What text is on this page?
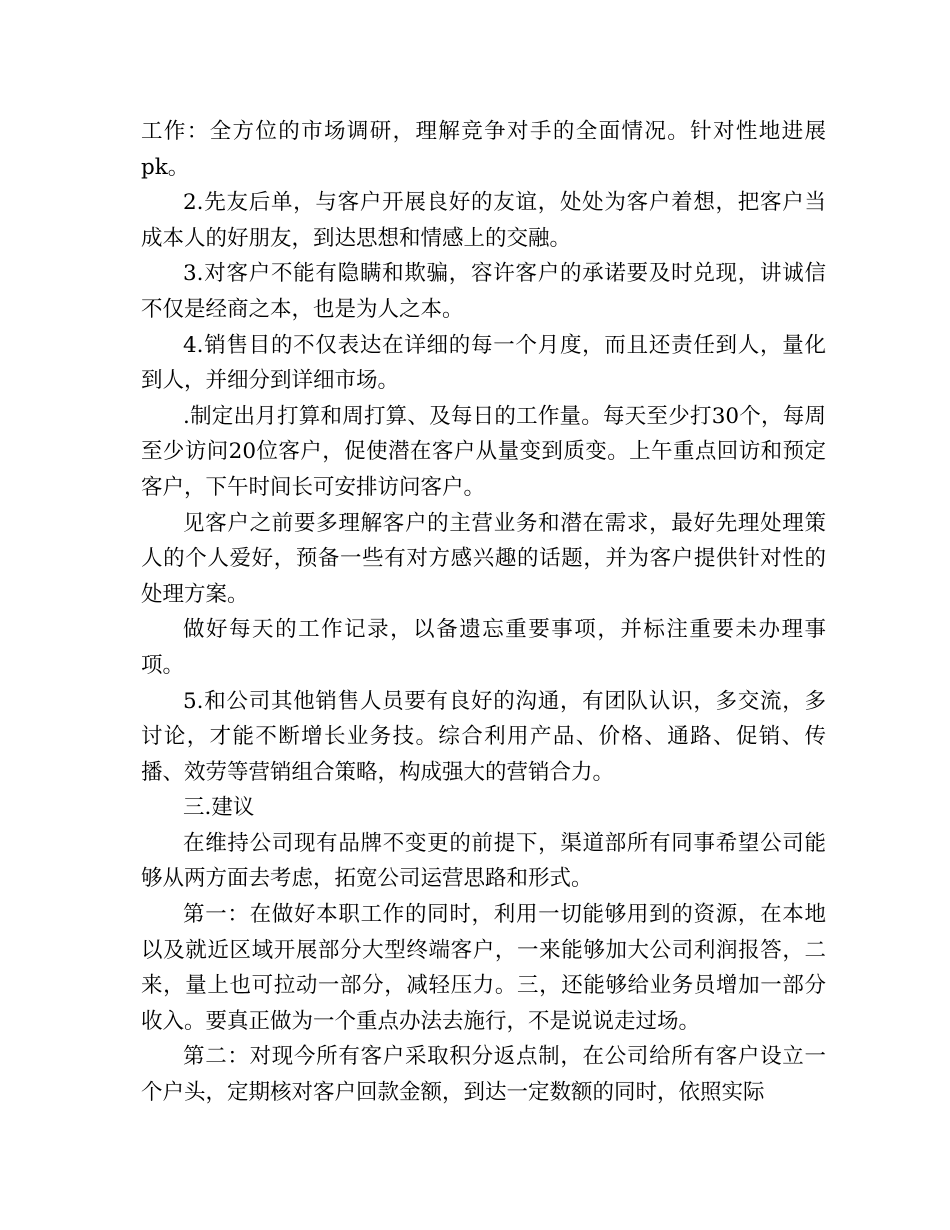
工作：全方位的市场调研，理解竞争对手的全面情况。针对性地进展pk。

2.先友后单，与客户开展良好的友谊，处处为客户着想，把客户当成本人的好朋友，到达思想和情感上的交融。

3.对客户不能有隐瞒和欺骗，容许客户的承诺要及时兑现，讲诚信不仅是经商之本，也是为人之本。

4.销售目的不仅表达在详细的每一个月度，而且还责任到人，量化到人，并细分到详细市场。

.制定出月打算和周打算、及每日的工作量。每天至少打30个，每周至少访问20位客户，促使潜在客户从量变到质变。上午重点回访和预定客户，下午时间长可安排访问客户。

见客户之前要多理解客户的主营业务和潜在需求，最好先理处理策人的个人爱好，预备一些有对方感兴趣的话题，并为客户提供针对性的处理方案。

做好每天的工作记录，以备遗忘重要事项，并标注重要未办理事项。

5.和公司其他销售人员要有良好的沟通，有团队认识，多交流，多讨论，才能不断增长业务技。综合利用产品、价格、通路、促销、传播、效劳等营销组合策略，构成强大的营销合力。

三.建议

在维持公司现有品牌不变更的前提下，渠道部所有同事希望公司能够从两方面去考虑，拓宽公司运营思路和形式。

第一：在做好本职工作的同时，利用一切能够用到的资源，在本地以及就近区域开展部分大型终端客户，一来能够加大公司利润报答，二来，量上也可拉动一部分，减轻压力。三，还能够给业务员增加一部分收入。要真正做为一个重点办法去施行，不是说说走过场。

第二：对现今所有客户采取积分返点制，在公司给所有客户设立一个户头，定期核对客户回款金额，到达一定数额的同时，依照实际
